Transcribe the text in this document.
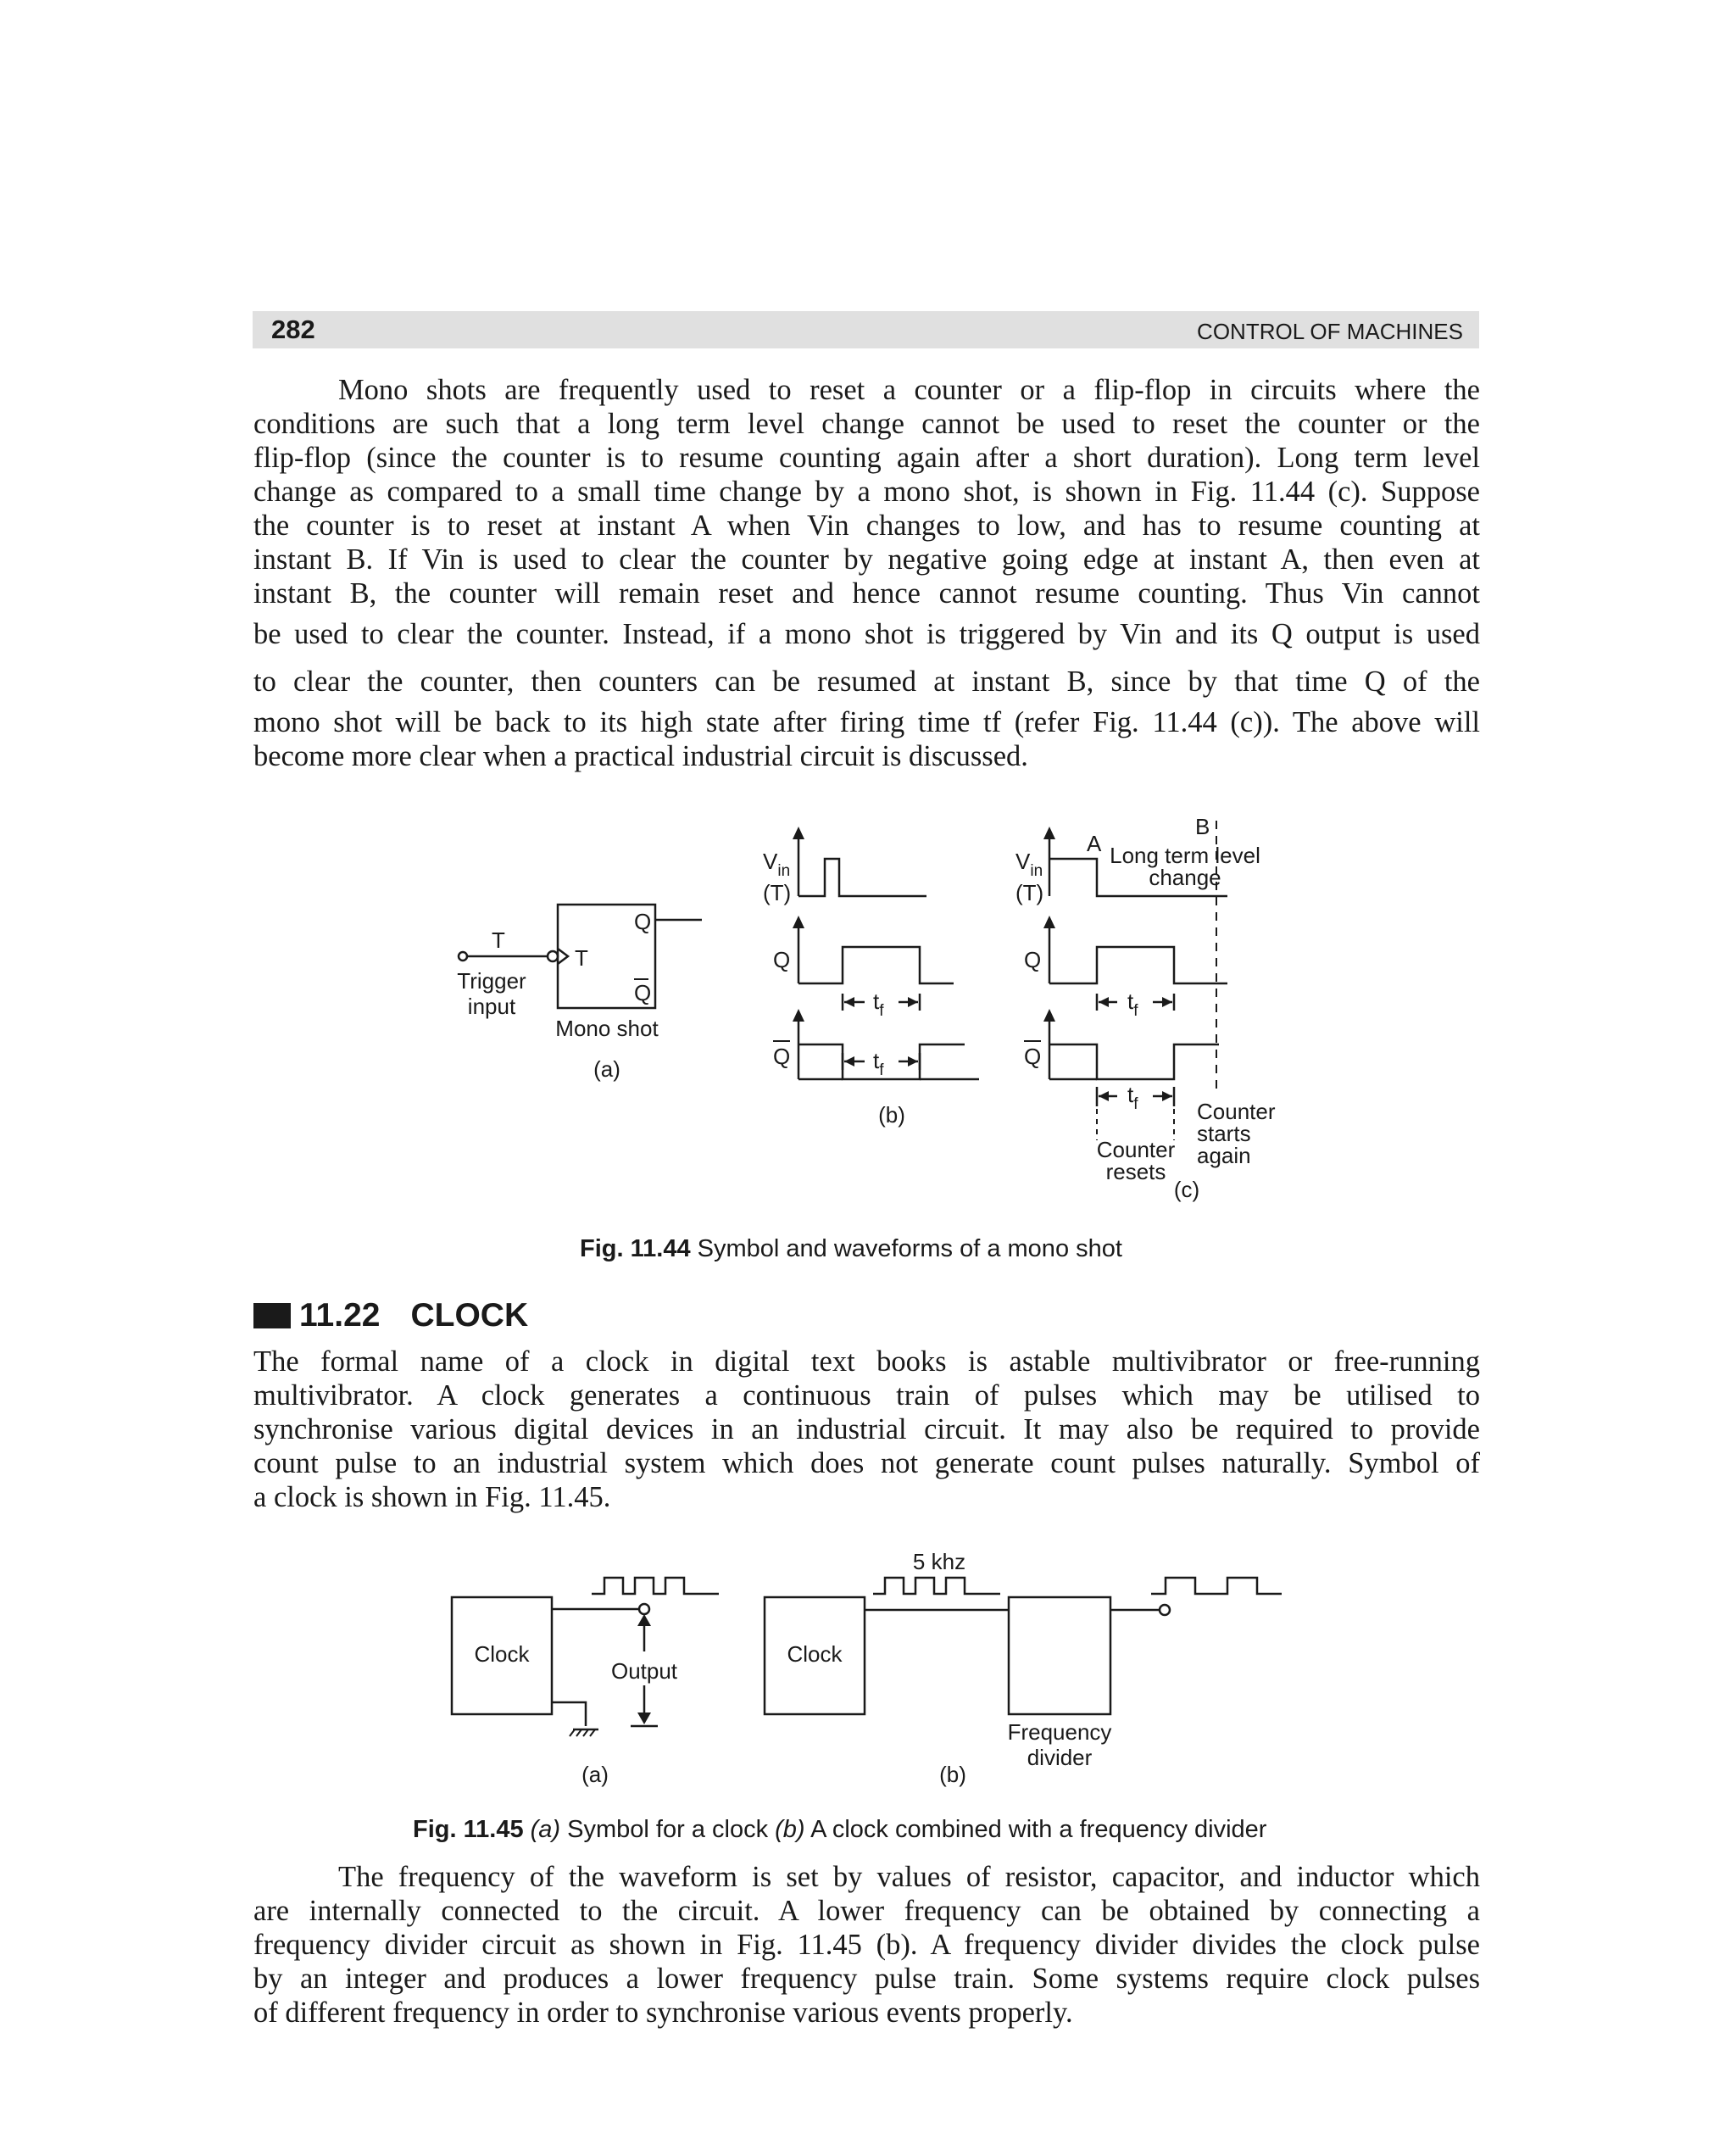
282	CONTROL OF MACHINES
Mono shots are frequently used to reset a counter or a flip-flop in circuits where the
conditions are such that a long term level change cannot be used to reset the counter or the
flip-flop (since the counter is to resume counting again after a short duration). Long term level
change as compared to a small time change by a mono shot, is shown in Fig. 11.44 (c). Suppose
the counter is to reset at instant A when Vin changes to low, and has to resume counting at
instant B. If Vin is used to clear the counter by negative going edge at instant A, then even at
instant B, the counter will remain reset and hence cannot resume counting. Thus Vin cannot
be used to clear the counter. Instead, if a mono shot is triggered by Vin and its Q output is used
to clear the counter, then counters can be resumed at instant B, since by that time Q of the
mono shot will be back to its high state after firing time tf (refer Fig. 11.44 (c)). The above will
become more clear when a practical industrial circuit is discussed.
T
Trigger
input
T
Q
Q
Mono shot
(a)
$V_{in}$
(T)
Q
Q
$t_f$
$t_f$
(b)
$V_{in}$
(T)
Q
Q
$t_f$
$t_f$
A
B
Long term level
change
Counter
resets
Counter
starts
again
(c)
Fig. 11.44 Symbol and waveforms of a mono shot
11.22 CLOCK
The formal name of a clock in digital text books is astable multivibrator or free-running
multivibrator. A clock generates a continuous train of pulses which may be utilised to
synchronise various digital devices in an industrial circuit. It may also be required to provide
count pulse to an industrial system which does not generate count pulses naturally. Symbol of
a clock is shown in Fig. 11.45.
Clock
Output
(a)
Clock
5 khz
Frequency
divider
(b)
Fig. 11.45 (a) Symbol for a clock (b) A clock combined with a frequency divider
The frequency of the waveform is set by values of resistor, capacitor, and inductor which
are internally connected to the circuit. A lower frequency can be obtained by connecting a
frequency divider circuit as shown in Fig. 11.45 (b). A frequency divider divides the clock pulse
by an integer and produces a lower frequency pulse train. Some systems require clock pulses
of different frequency in order to synchronise various events properly.
